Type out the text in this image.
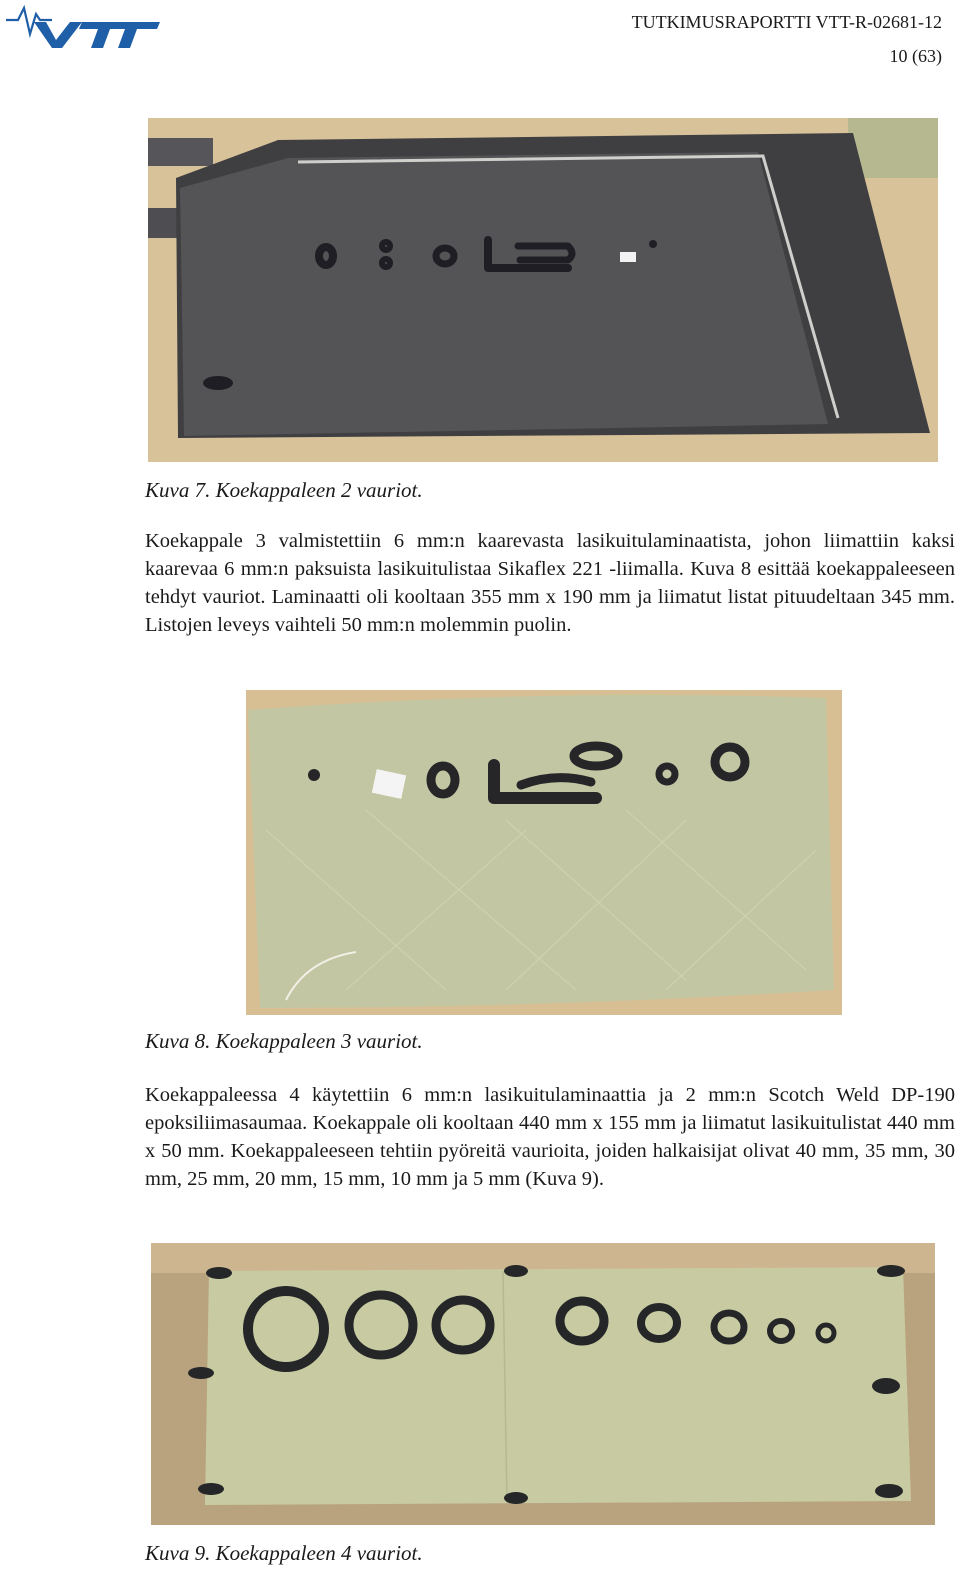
TUTKIMUSRAPORTTI VTT-R-02681-12
10 (63)
Kuva 7. Koekappaleen 2 vauriot.
Koekappale 3 valmistettiin 6 mm:n kaarevasta lasikuitulaminaatista, johon liimattiin kaksi kaarevaa 6 mm:n paksuista lasikuitulistaa Sikaflex 221 -liimalla. Kuva 8 esittää koekappaleeseen tehdyt vauriot. Laminaatti oli kooltaan 355 mm x 190 mm ja liimatut listat pituudeltaan 345 mm. Listojen leveys vaihteli 50 mm:n molemmin puolin.
Kuva 8. Koekappaleen 3 vauriot.
Koekappaleessa 4 käytettiin 6 mm:n lasikuitulaminaattia ja 2 mm:n Scotch Weld DP-190 epoksiliimasaumaa. Koekappale oli kooltaan 440 mm x 155 mm ja liimatut lasikuitulistat 440 mm x 50 mm. Koekappaleeseen tehtiin pyöreitä vaurioita, joiden halkaisijat olivat 40 mm, 35 mm, 30 mm, 25 mm, 20 mm, 15 mm, 10 mm ja 5 mm (Kuva 9).
Kuva 9. Koekappaleen 4 vauriot.
